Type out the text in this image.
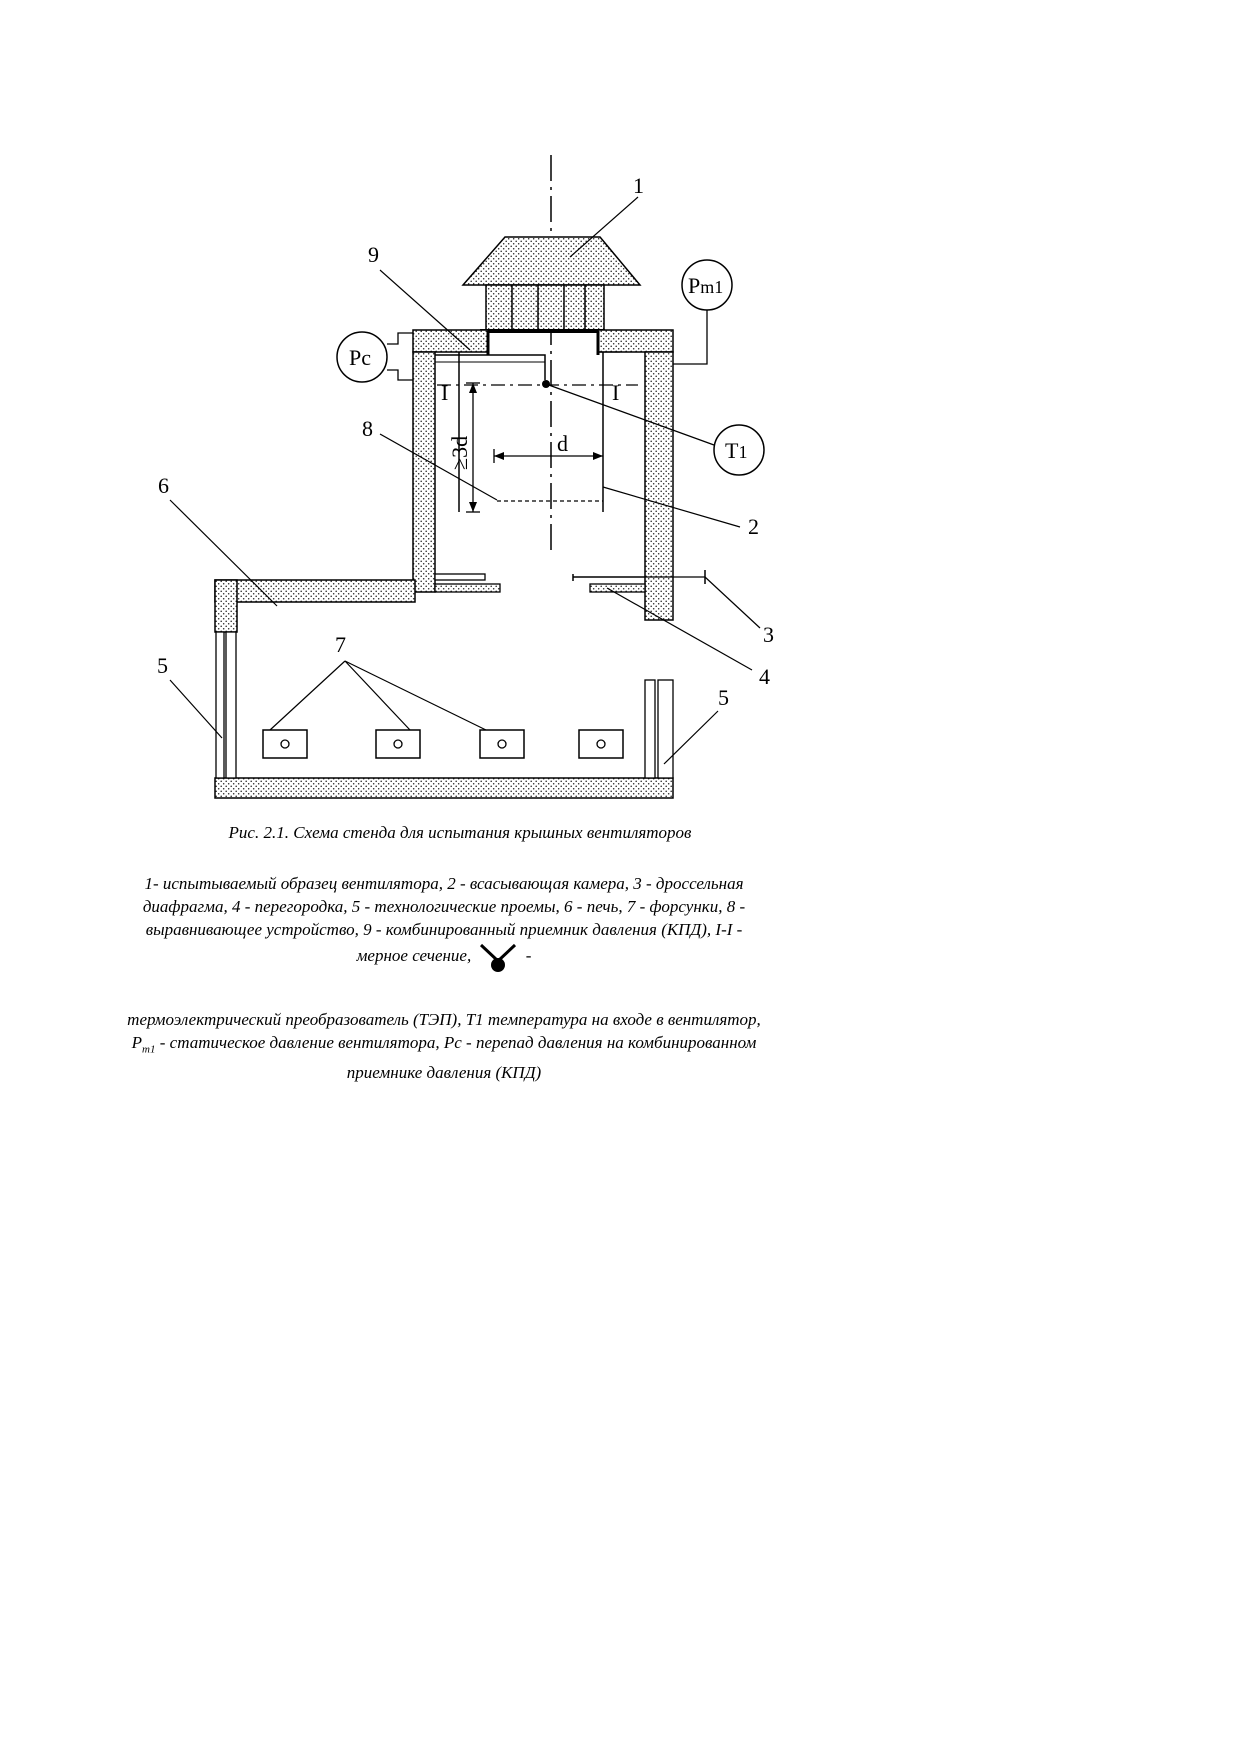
I	I
≥3d	d
Pc
Pm1
T1
1
9
8
2
6
3
4
7
5
5
Рис. 2.1. Схема стенда для испытания крышных вентиляторов

1- испытываемый образец вентилятора, 2 - всасывающая камера, 3 - дроссельная диафрагма, 4 - перегородка, 5 - технологические проемы, 6 - печь, 7 - форсунки, 8 - выравнивающее устройство, 9 - комбинированный приемник давления (КПД), I-I - мерное сечение,	-

термоэлектрический преобразователь (ТЭП), Т1 температура на входе в вентилятор, $P_{m1}$ - статическое давление вентилятора, Рс - перепад давления на комбинированном приемнике давления (КПД)
